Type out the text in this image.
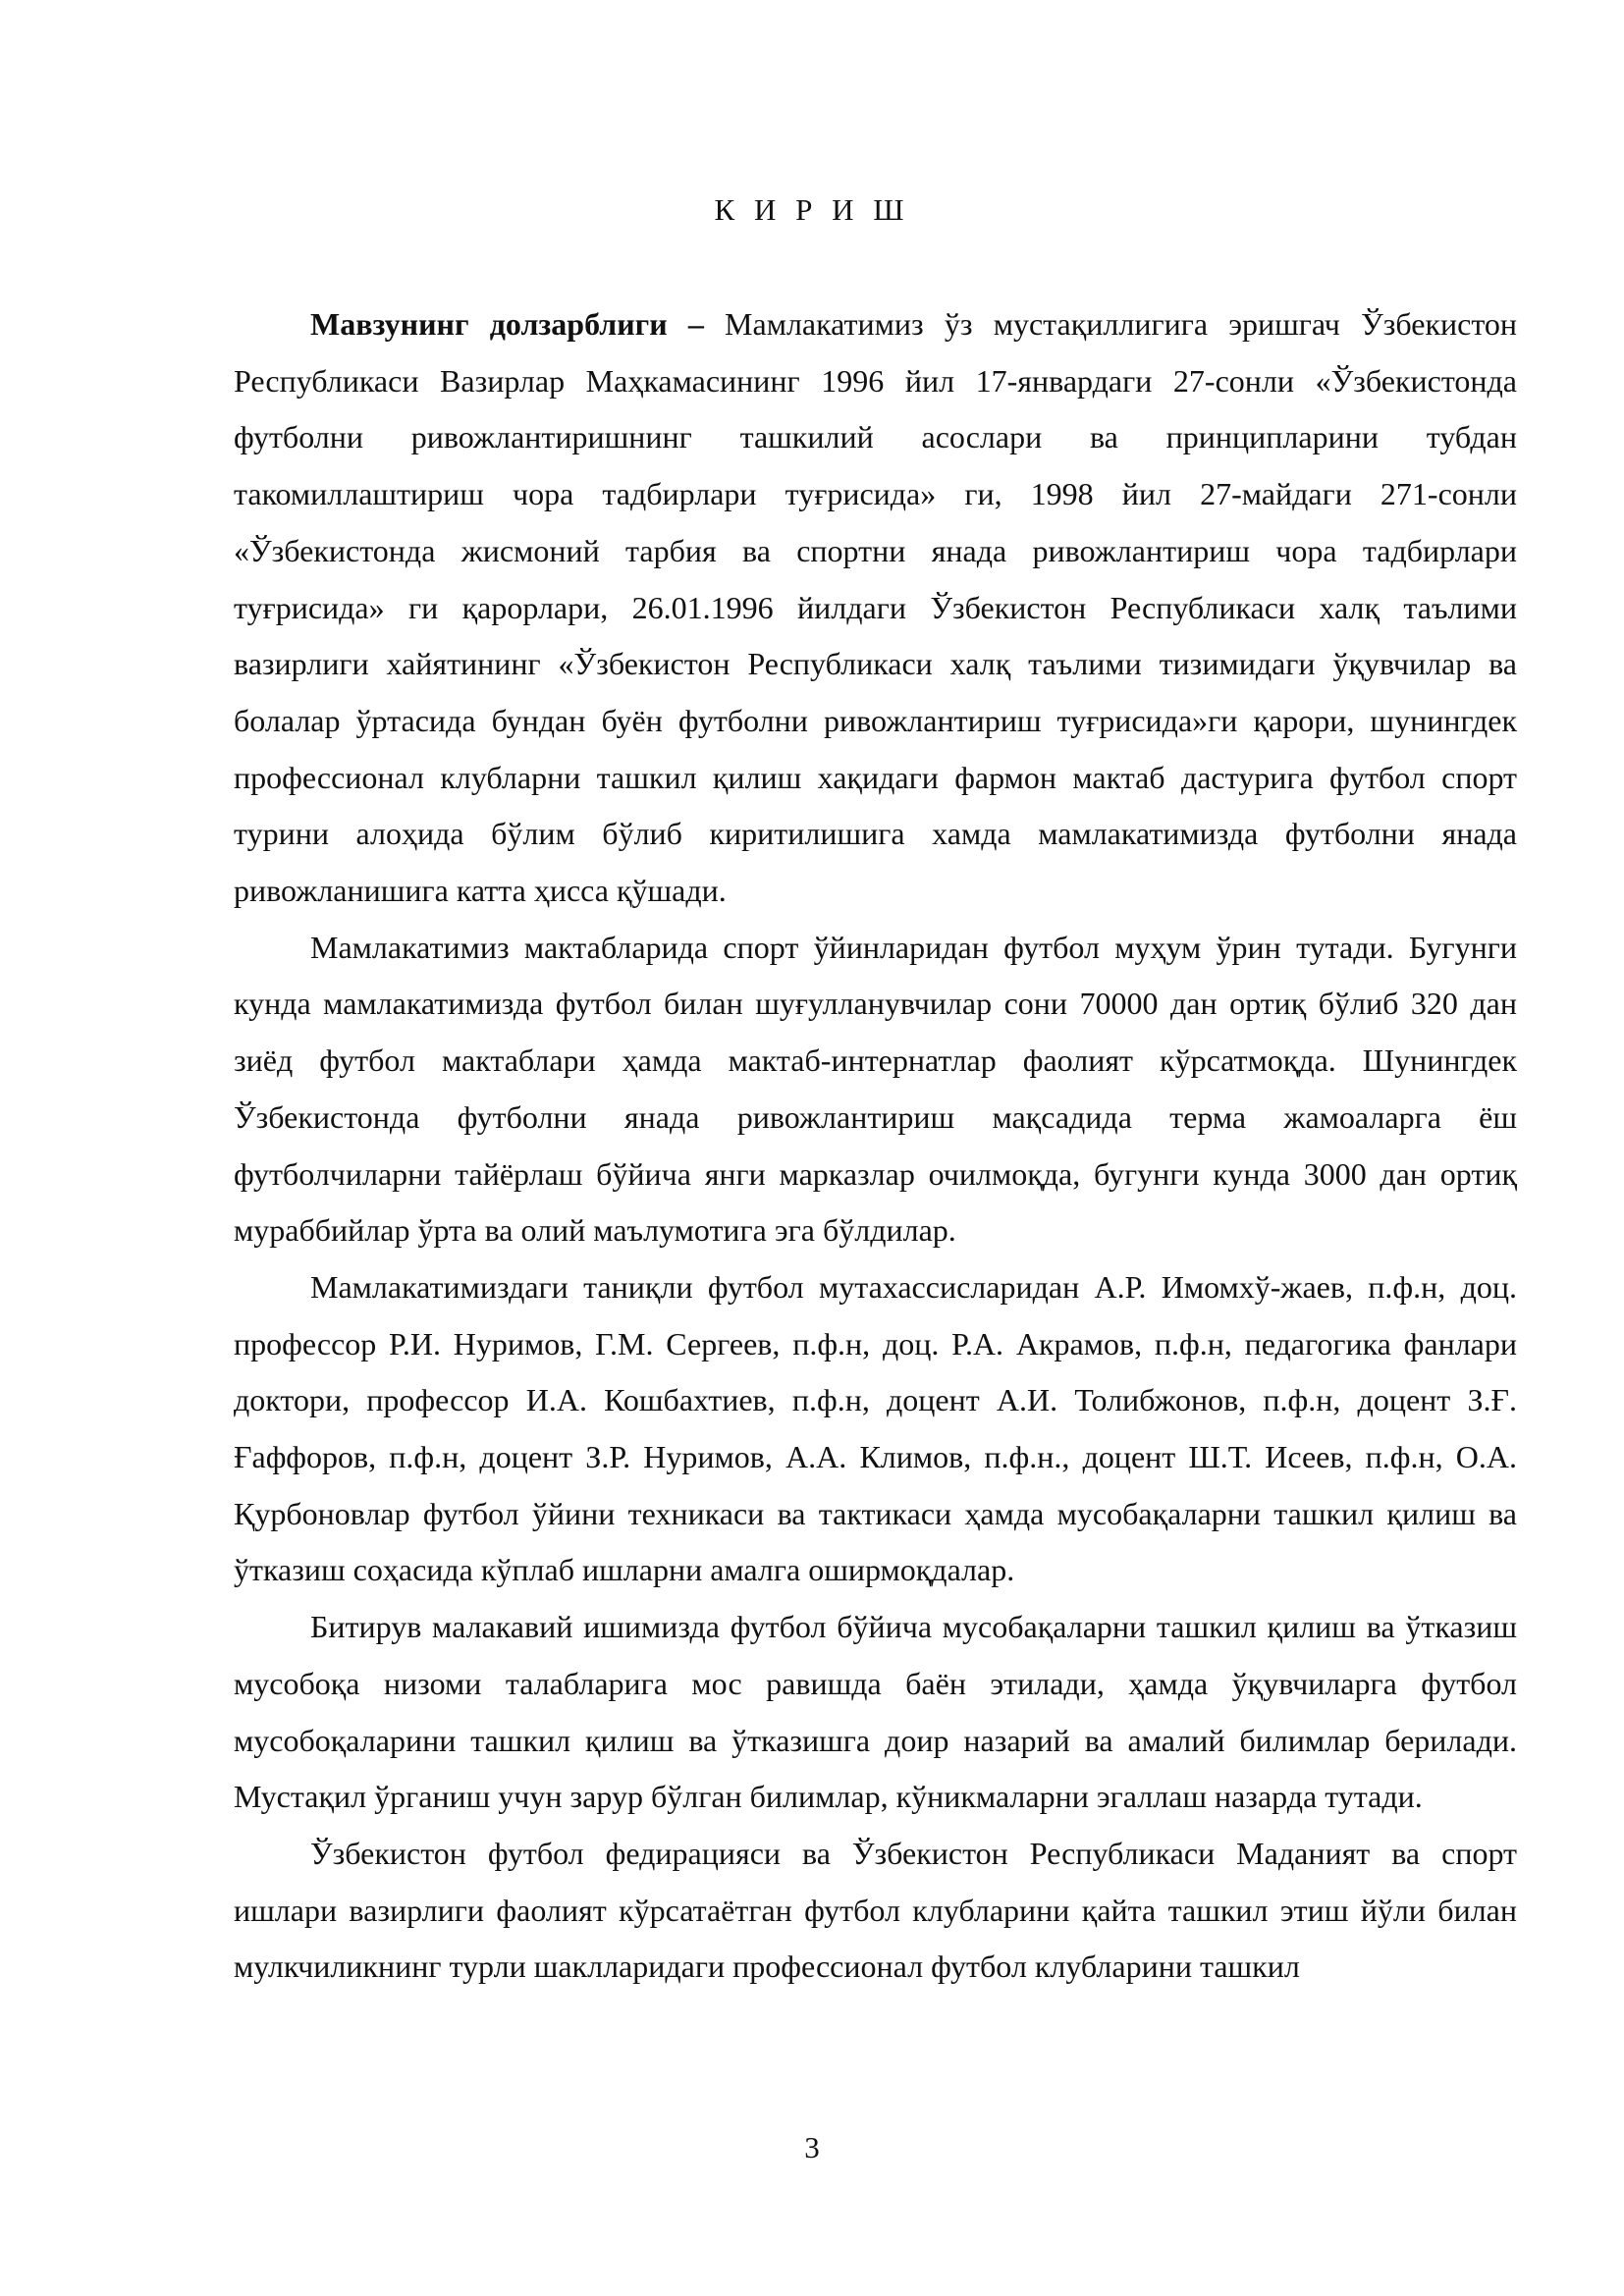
К И Р И Ш

Мавзунинг долзарблиги – Мамлакатимиз ўз мустақиллигига эришгач Ўзбекистон Республикаси Вазирлар Маҳкамасининг 1996 йил 17-январдаги 27-сонли «Ўзбекистонда футболни ривожлантиришнинг ташкилий асослари ва принципларини тубдан такомиллаштириш чора тадбирлари туғрисида» ги, 1998 йил 27-майдаги 271-сонли «Ўзбекистонда жисмоний тарбия ва спортни янада ривожлантириш чора тадбирлари туғрисида» ги қарорлари, 26.01.1996 йилдаги Ўзбекистон Республикаси халқ таълими вазирлиги хайятининг «Ўзбекистон Республикаси халқ таълими тизимидаги ўқувчилар ва болалар ўртасида бундан буён футболни ривожлантириш туғрисида»ги қарори, шунингдек профессионал клубларни ташкил қилиш хақидаги фармон мактаб дастурига футбол спорт турини алоҳида бўлим бўлиб киритилишига хамда мамлакатимизда футболни янада ривожланишига катта ҳисса қўшади.

Мамлакатимиз мактабларида спорт ўйинларидан футбол муҳум ўрин тутади. Бугунги кунда мамлакатимизда футбол билан шуғулланувчилар сони 70000 дан ортиқ бўлиб 320 дан зиёд футбол мактаблари ҳамда мактаб-интернатлар фаолият кўрсатмоқда. Шунингдек Ўзбекистонда футболни янада ривожлантириш мақсадида терма жамоаларга ёш футболчиларни тайёрлаш бўйича янги марказлар очилмоқда, бугунги кунда 3000 дан ортиқ мураббийлар ўрта ва олий маълумотига эга бўлдилар.

Мамлакатимиздаги таниқли футбол мутахассисларидан А.Р. Имомхў-жаев, п.ф.н, доц. профессор Р.И. Нуримов, Г.М. Сергеев, п.ф.н, доц. Р.А. Акрамов, п.ф.н, педагогика фанлари доктори, профессор И.А. Кошбахтиев, п.ф.н, доцент А.И. Толибжонов, п.ф.н, доцент З.Ғ. Ғаффоров, п.ф.н, доцент З.Р. Нуримов, А.А. Климов, п.ф.н., доцент Ш.Т. Исеев, п.ф.н, О.А. Қурбоновлар футбол ўйини техникаси ва тактикаси ҳамда мусобақаларни ташкил қилиш ва ўтказиш соҳасида кўплаб ишларни амалга оширмоқдалар.

Битирув малакавий ишимизда футбол бўйича мусобақаларни ташкил қилиш ва ўтказиш мусобоқа низоми талабларига мос равишда баён этилади, ҳамда ўқувчиларга футбол мусобоқаларини ташкил қилиш ва ўтказишга доир назарий ва амалий билимлар берилади. Мустақил ўрганиш учун зарур бўлган билимлар, кўникмаларни эгаллаш назарда тутади.

Ўзбекистон футбол федирацияси ва Ўзбекистон Республикаси Маданият ва спорт ишлари вазирлиги фаолият кўрсатаётган футбол клубларини қайта ташкил этиш йўли билан мулкчиликнинг турли шаклларидаги профессионал футбол клубларини ташкил

3
